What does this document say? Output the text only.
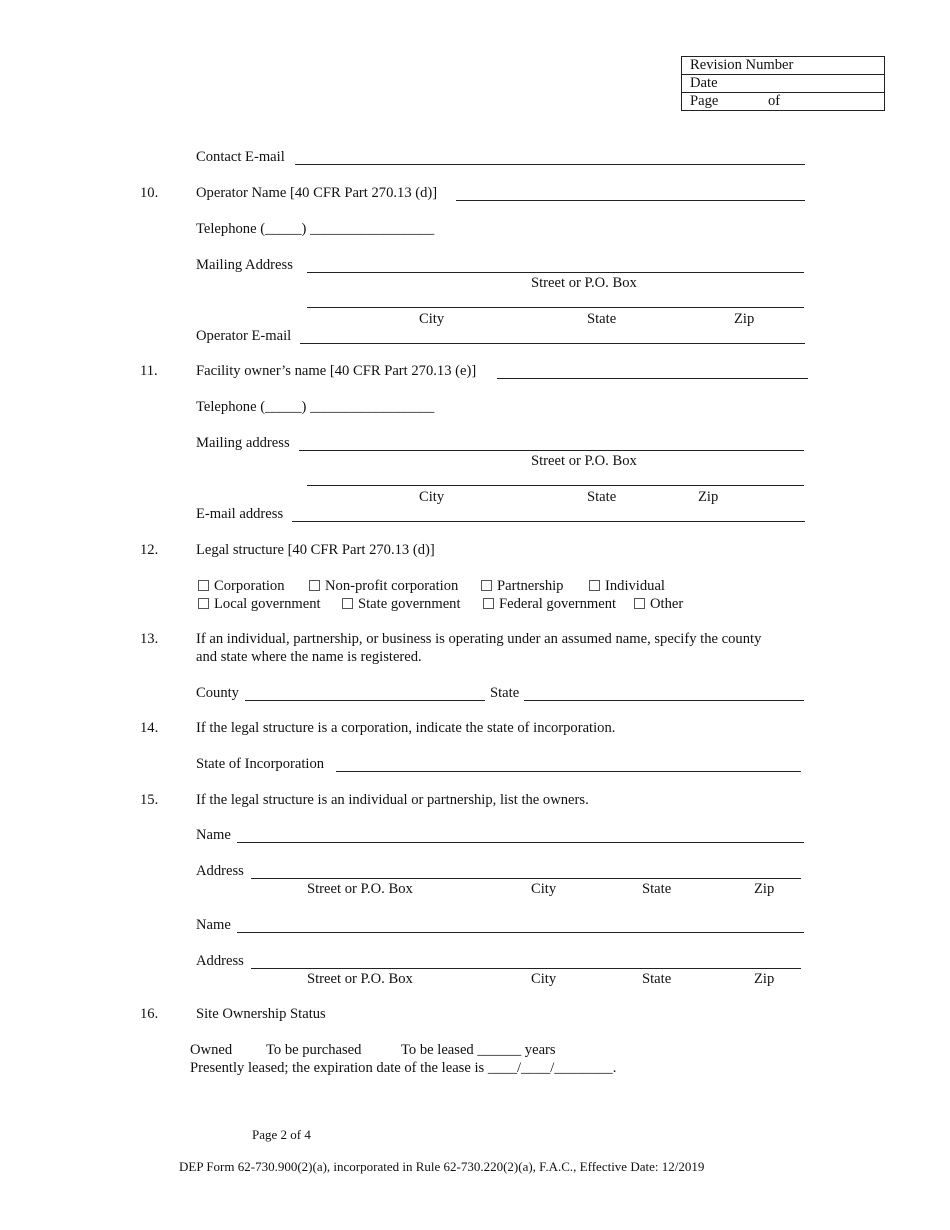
Revision Number
Date
Page	of
Contact E-mail
10.	Operator Name [40 CFR Part 270.13 (d)]
Telephone (_____) _________________
Mailing Address
Street or P.O. Box
City	State	Zip
Operator E-mail
11.	Facility owner’s name [40 CFR Part 270.13 (e)]
Telephone (_____) _________________
Mailing address
Street or P.O. Box
City	State	Zip
E-mail address
12.	Legal structure [40 CFR Part 270.13 (d)]
Corporation	Non-profit corporation	Partnership	Individual
Local government	State government	Federal government	Other
13.	If an individual, partnership, or business is operating under an assumed name, specify the county
and state where the name is registered.
County	State
14.	If the legal structure is a corporation, indicate the state of incorporation.
State of Incorporation
15.	If the legal structure is an individual or partnership, list the owners.
Name
Address
Street or P.O. Box	City	State	Zip
Name
Address
Street or P.O. Box	City	State	Zip
16.	Site Ownership Status
Owned To be purchased	To be leased ______ years
Presently leased; the expiration date of the lease is ____/____/________.
Page 2 of 4
DEP Form 62-730.900(2)(a), incorporated in Rule 62-730.220(2)(a), F.A.C., Effective Date: 12/2019
